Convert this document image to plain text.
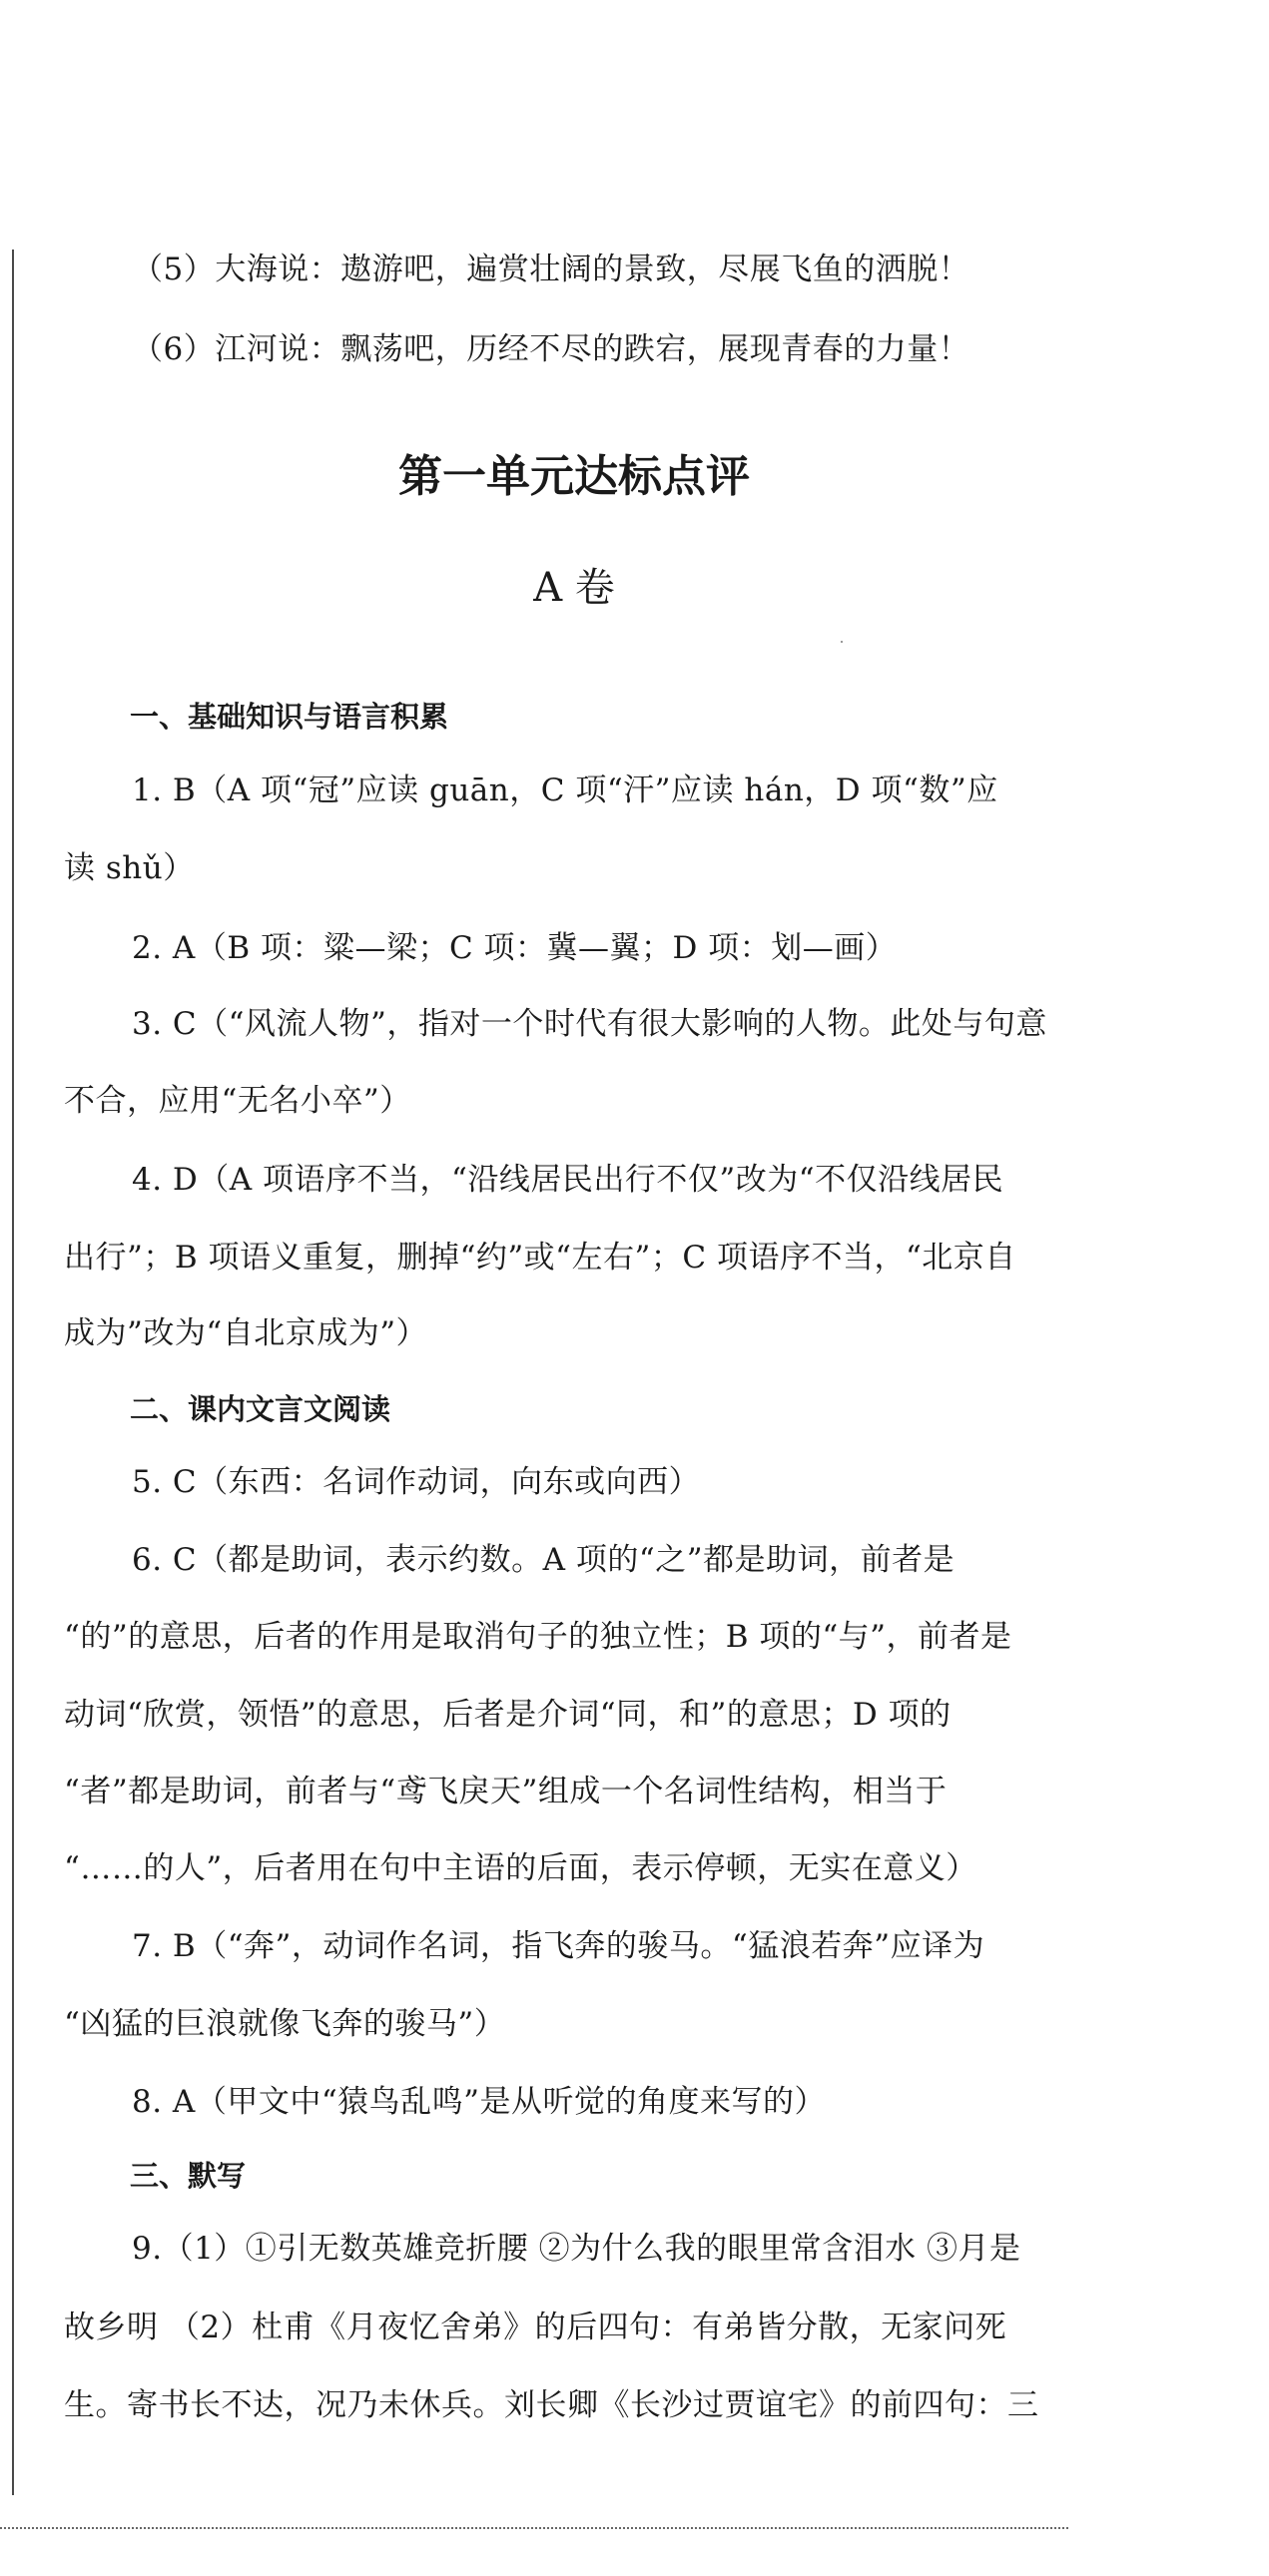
（5）大海说：遨游吧，遍赏壮阔的景致，尽展飞鱼的洒脱！
（6）江河说：飘荡吧，历经不尽的跌宕，展现青春的力量！
第一单元达标点评
A 卷
一、基础知识与语言积累
1. B（A 项“冠”应读 guān，C 项“汗”应读 hán，D 项“数”应
读 shǔ）
2. A（B 项：粱—梁；C 项：冀—翼；D 项：划—画）
3. C（“风流人物”，指对一个时代有很大影响的人物。此处与句意
不合，应用“无名小卒”）
4. D（A 项语序不当，“沿线居民出行不仅”改为“不仅沿线居民
出行”；B 项语义重复，删掉“约”或“左右”；C 项语序不当，“北京自
成为”改为“自北京成为”）
二、课内文言文阅读
5. C（东西：名词作动词，向东或向西）
6. C（都是助词，表示约数。A 项的“之”都是助词，前者是
“的”的意思，后者的作用是取消句子的独立性；B 项的“与”，前者是
动词“欣赏，领悟”的意思，后者是介词“同，和”的意思；D 项的
“者”都是助词，前者与“鸢飞戾天”组成一个名词性结构，相当于
“……的人”，后者用在句中主语的后面，表示停顿，无实在意义）
7. B（“奔”，动词作名词，指飞奔的骏马。“猛浪若奔”应译为
“凶猛的巨浪就像飞奔的骏马”）
8. A（甲文中“猿鸟乱鸣”是从听觉的角度来写的）
三、默写
9.（1）①引无数英雄竞折腰 ②为什么我的眼里常含泪水 ③月是
故乡明 （2）杜甫《月夜忆舍弟》的后四句：有弟皆分散，无家问死
生。寄书长不达，况乃未休兵。刘长卿《长沙过贾谊宅》的前四句：三
